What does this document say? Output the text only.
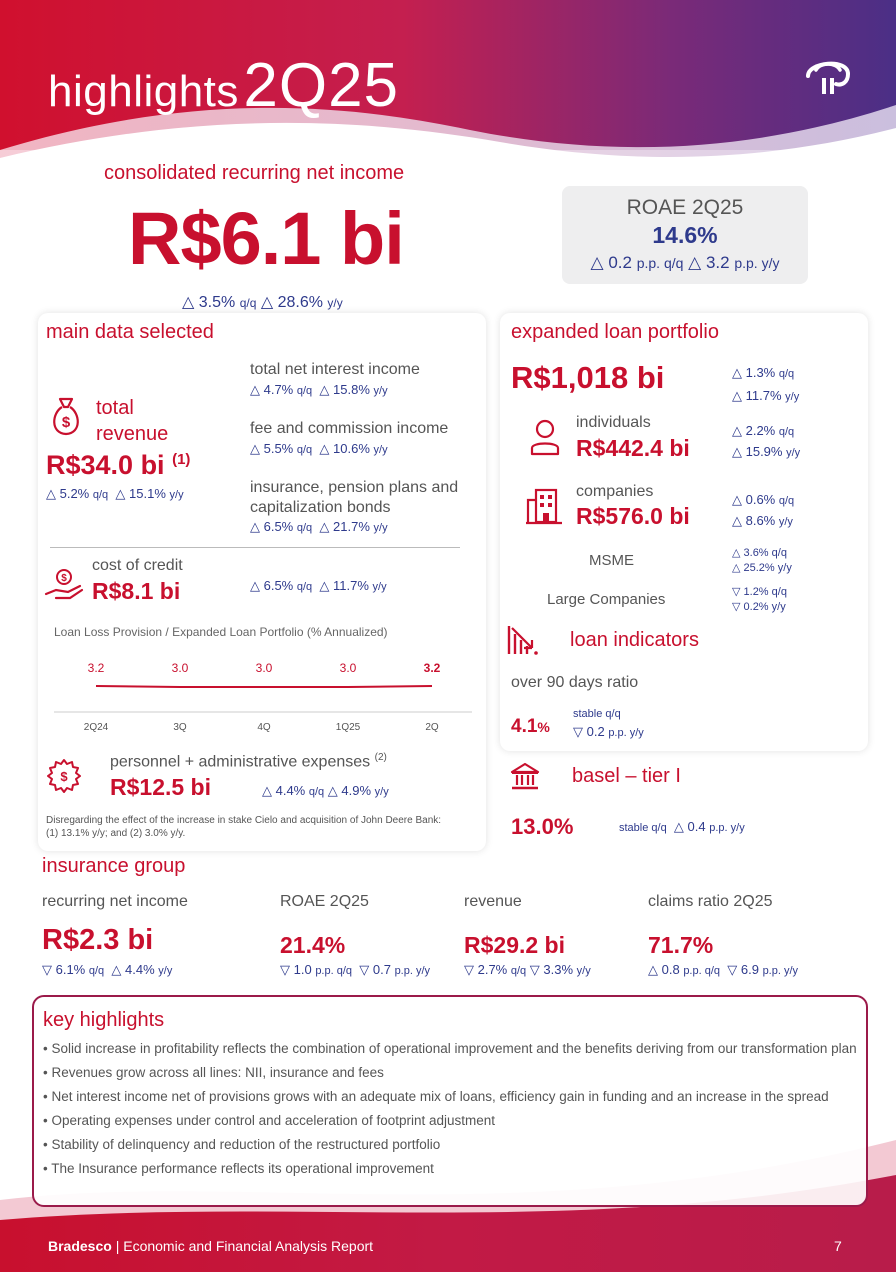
highlights 2Q25
consolidated recurring net income
R$6.1 bi
△ 3.5% q/q △ 28.6% y/y
ROAE 2Q25
14.6%
△ 0.2 p.p. q/q △ 3.2 p.p. y/y
main data selected
$
total
revenue
R$34.0 bi $^{(1)}$
△ 5.2% q/q  △ 15.1% y/y
total net interest income
△ 4.7% q/q  △ 15.8% y/y
fee and commission income
△ 5.5% q/q  △ 10.6% y/y
insurance, pension plans and
capitalization bonds
△ 6.5% q/q  △ 21.7% y/y
$
cost of credit
R$8.1 bi	△ 6.5% q/q  △ 11.7% y/y
Loan Loss Provision / Expanded Loan Portfolio (% Annualized)
3.2
2Q24
3.0
3Q
3.0
4Q
3.0
1Q25
3.2
2Q
$
personnel + administrative expenses $^{(2)}$
R$12.5 bi	△ 4.4% q/q △ 4.9% y/y
Disregarding the effect of the increase in stake Cielo and acquisition of John Deere Bank:
(1) 13.1% y/y; and (2) 3.0% y/y.
expanded loan portfolio
R$1,018 bi	△ 1.3% q/q
△ 11.7% y/y
individuals
R$442.4 bi
△ 2.2% q/q
△ 15.9% y/y
companies
R$576.0 bi
△ 0.6% q/q
△ 8.6% y/y
MSME	△ 3.6% q/q
△ 25.2% y/y
Large Companies	▽ 1.2% q/q
▽ 0.2% y/y
loan indicators
over 90 days ratio
4.1%
stable q/q
▽ 0.2 p.p. y/y
basel – tier I
13.0%	stable q/q  △ 0.4 p.p. y/y
insurance group
recurring net income
R$2.3 bi
▽ 6.1% q/q  △ 4.4% y/y
ROAE 2Q25
21.4%
▽ 1.0 p.p. q/q  ▽ 0.7 p.p. y/y
revenue
R$29.2 bi
▽ 2.7% q/q ▽ 3.3% y/y
claims ratio 2Q25
71.7%
△ 0.8 p.p. q/q  ▽ 6.9 p.p. y/y
key highlights
• Solid increase in profitability reflects the combination of operational improvement and the benefits deriving from our transformation plan
• Revenues grow across all lines: NII, insurance and fees
• Net interest income net of provisions grows with an adequate mix of loans, efficiency gain in funding and an increase in the spread
• Operating expenses under control and acceleration of footprint adjustment
• Stability of delinquency and reduction of the restructured portfolio
• The Insurance performance reflects its operational improvement
Bradesco | Economic and Financial Analysis Report	7
